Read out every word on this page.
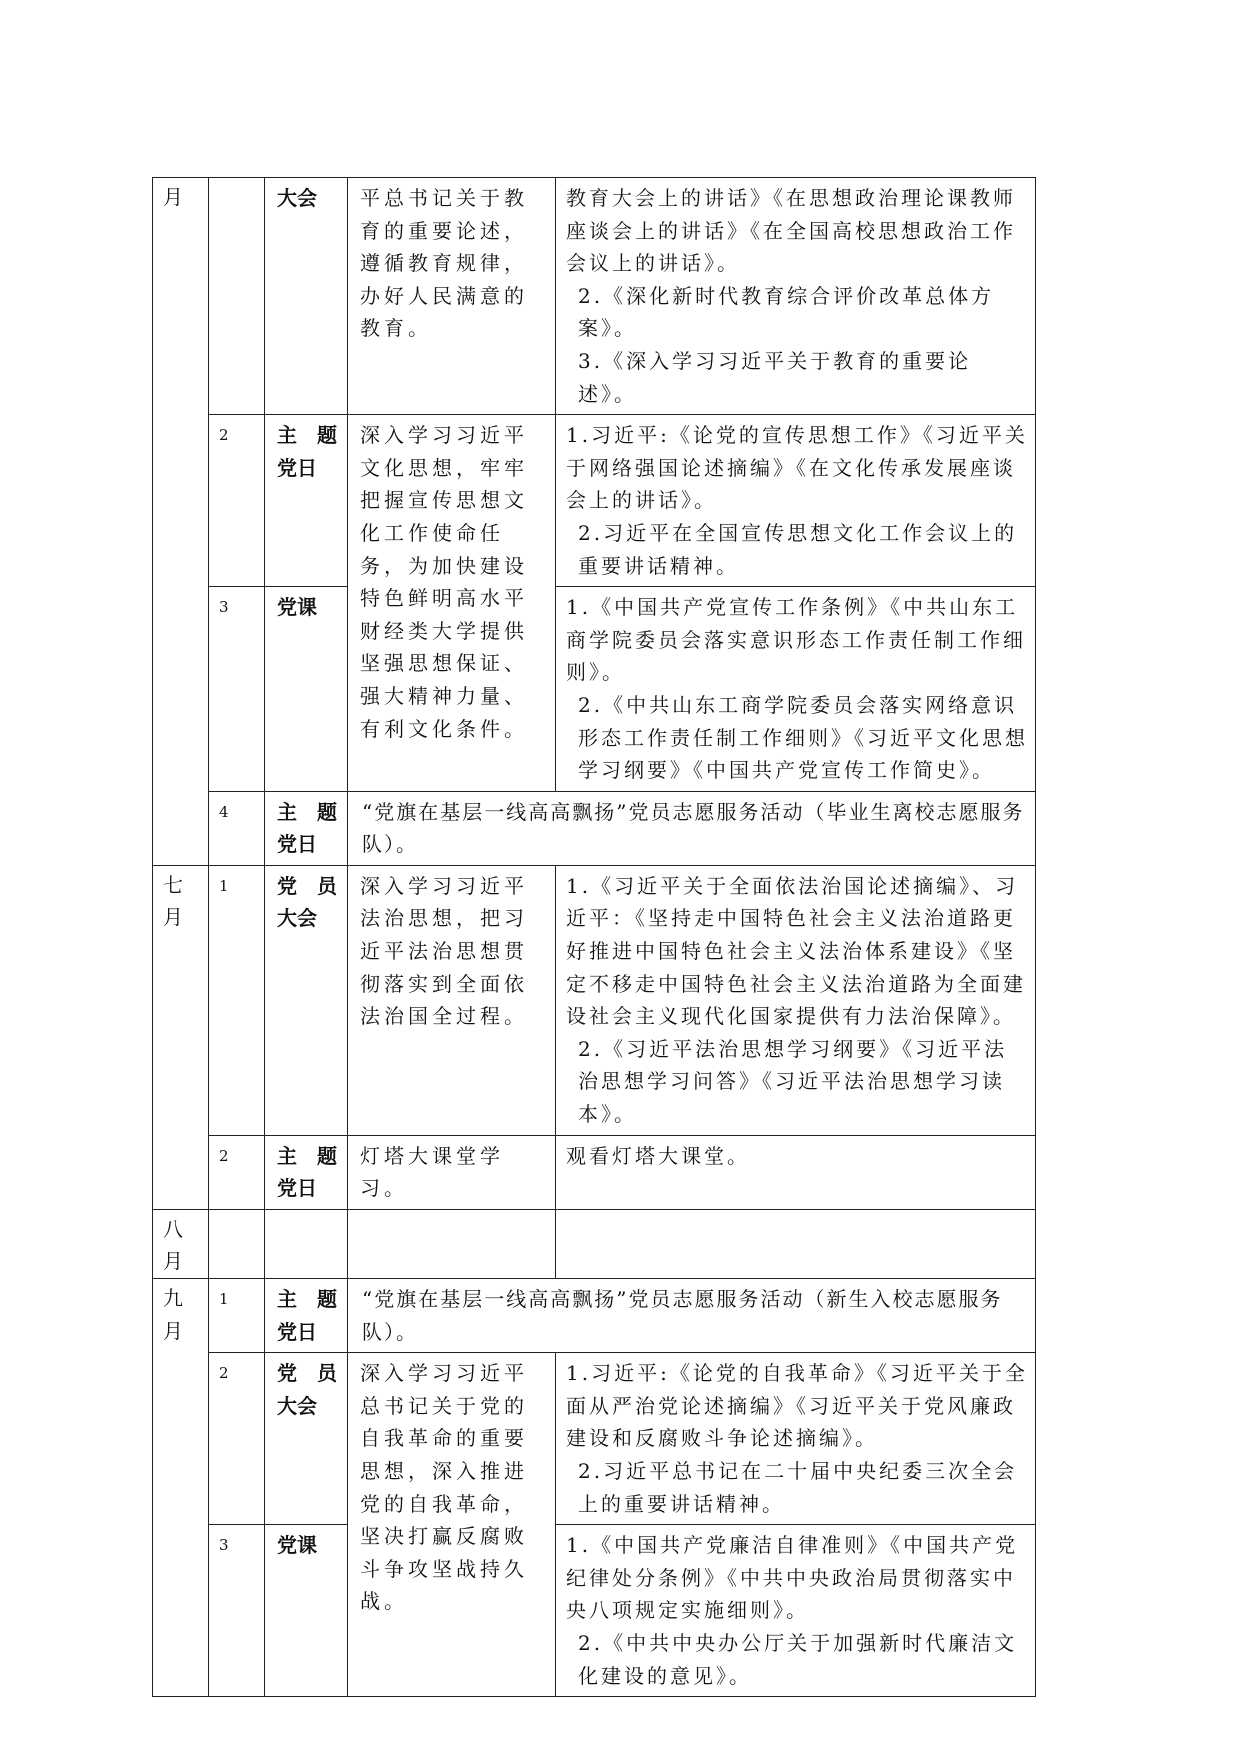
月		大会	平总书记关于教育的重要论述，遵循教育规律，办好人民满意的教育。	教育大会上的讲话》《在思想政治理论课教师座谈会上的讲话》《在全国高校思想政治工作会议上的讲话》。
2.《深化新时代教育综合评价改革总体方案》。
3.《深入学习习近平关于教育的重要论述》。

	2	主　题
党日	深入学习习近平文化思想，牢牢把握宣传思想文化工作使命任务，为加快建设特色鲜明高水平财经类大学提供坚强思想保证、强大精神力量、有利文化条件。	1.习近平:《论党的宣传思想工作》《习近平关于网络强国论述摘编》《在文化传承发展座谈会上的讲话》。
2.习近平在全国宣传思想文化工作会议上的重要讲话精神。

	3	党课		1.《中国共产党宣传工作条例》《中共山东工商学院委员会落实意识形态工作责任制工作细则》。
2.《中共山东工商学院委员会落实网络意识形态工作责任制工作细则》《习近平文化思想学习纲要》《中国共产党宣传工作简史》。

	4	主　题
党日	“党旗在基层一线高高飘扬”党员志愿服务活动（毕业生离校志愿服务队）。	
七月	1	党　员
大会	深入学习习近平法治思想，把习近平法治思想贯彻落实到全面依法治国全过程。	1.《习近平关于全面依法治国论述摘编》、习近平：《坚持走中国特色社会主义法治道路更好推进中国特色社会主义法治体系建设》《坚定不移走中国特色社会主义法治道路为全面建设社会主义现代化国家提供有力法治保障》。
2.《习近平法治思想学习纲要》《习近平法治思想学习问答》《习近平法治思想学习读本》。

	2	主　题
党日	灯塔大课堂学习。	观看灯塔大课堂。
八月				
九月	1	主　题
党日	“党旗在基层一线高高飘扬”党员志愿服务活动（新生入校志愿服务队）。	
	2	党　员
大会	深入学习习近平总书记关于党的自我革命的重要思想，深入推进党的自我革命，坚决打赢反腐败斗争攻坚战持久战。	1.习近平:《论党的自我革命》《习近平关于全面从严治党论述摘编》《习近平关于党风廉政建设和反腐败斗争论述摘编》。
2.习近平总书记在二十届中央纪委三次全会上的重要讲话精神。

	3	党课		1.《中国共产党廉洁自律准则》《中国共产党纪律处分条例》《中共中央政治局贯彻落实中央八项规定实施细则》。
2.《中共中央办公厅关于加强新时代廉洁文化建设的意见》。
